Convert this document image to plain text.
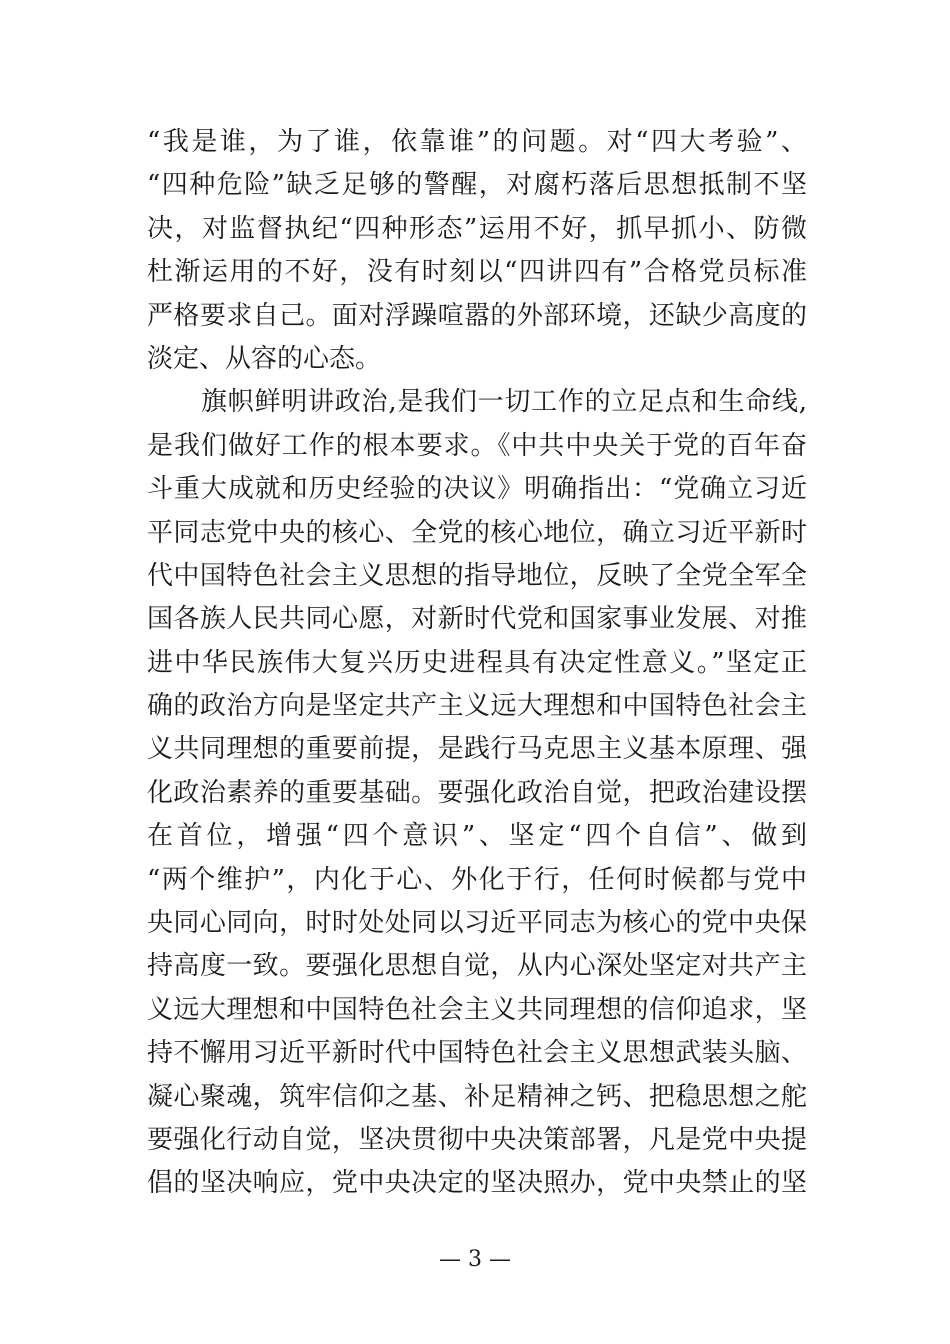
“我是谁，为了谁，依靠谁”的问题。对“四大考验”、
“四种危险”缺乏足够的警醒，对腐朽落后思想抵制不坚
决，对监督执纪“四种形态”运用不好，抓早抓小、防微
杜渐运用的不好，没有时刻以“四讲四有”合格党员标准
严格要求自己。面对浮躁喧嚣的外部环境，还缺少高度的
淡定、从容的心态。
旗帜鲜明讲政治,是我们一切工作的立足点和生命线,
是我们做好工作的根本要求。《中共中央关于党的百年奋
斗重大成就和历史经验的决议》明确指出：“党确立习近
平同志党中央的核心、全党的核心地位，确立习近平新时
代中国特色社会主义思想的指导地位，反映了全党全军全
国各族人民共同心愿，对新时代党和国家事业发展、对推
进中华民族伟大复兴历史进程具有决定性意义。”坚定正
确的政治方向是坚定共产主义远大理想和中国特色社会主
义共同理想的重要前提，是践行马克思主义基本原理、强
化政治素养的重要基础。要强化政治自觉，把政治建设摆
在首位，增强“四个意识”、坚定“四个自信”、做到
“两个维护”，内化于心、外化于行，任何时候都与党中
央同心同向，时时处处同以习近平同志为核心的党中央保
持高度一致。要强化思想自觉，从内心深处坚定对共产主
义远大理想和中国特色社会主义共同理想的信仰追求，坚
持不懈用习近平新时代中国特色社会主义思想武装头脑、
凝心聚魂，筑牢信仰之基、补足精神之钙、把稳思想之舵
要强化行动自觉，坚决贯彻中央决策部署，凡是党中央提
倡的坚决响应，党中央决定的坚决照办，党中央禁止的坚
— 3 —
